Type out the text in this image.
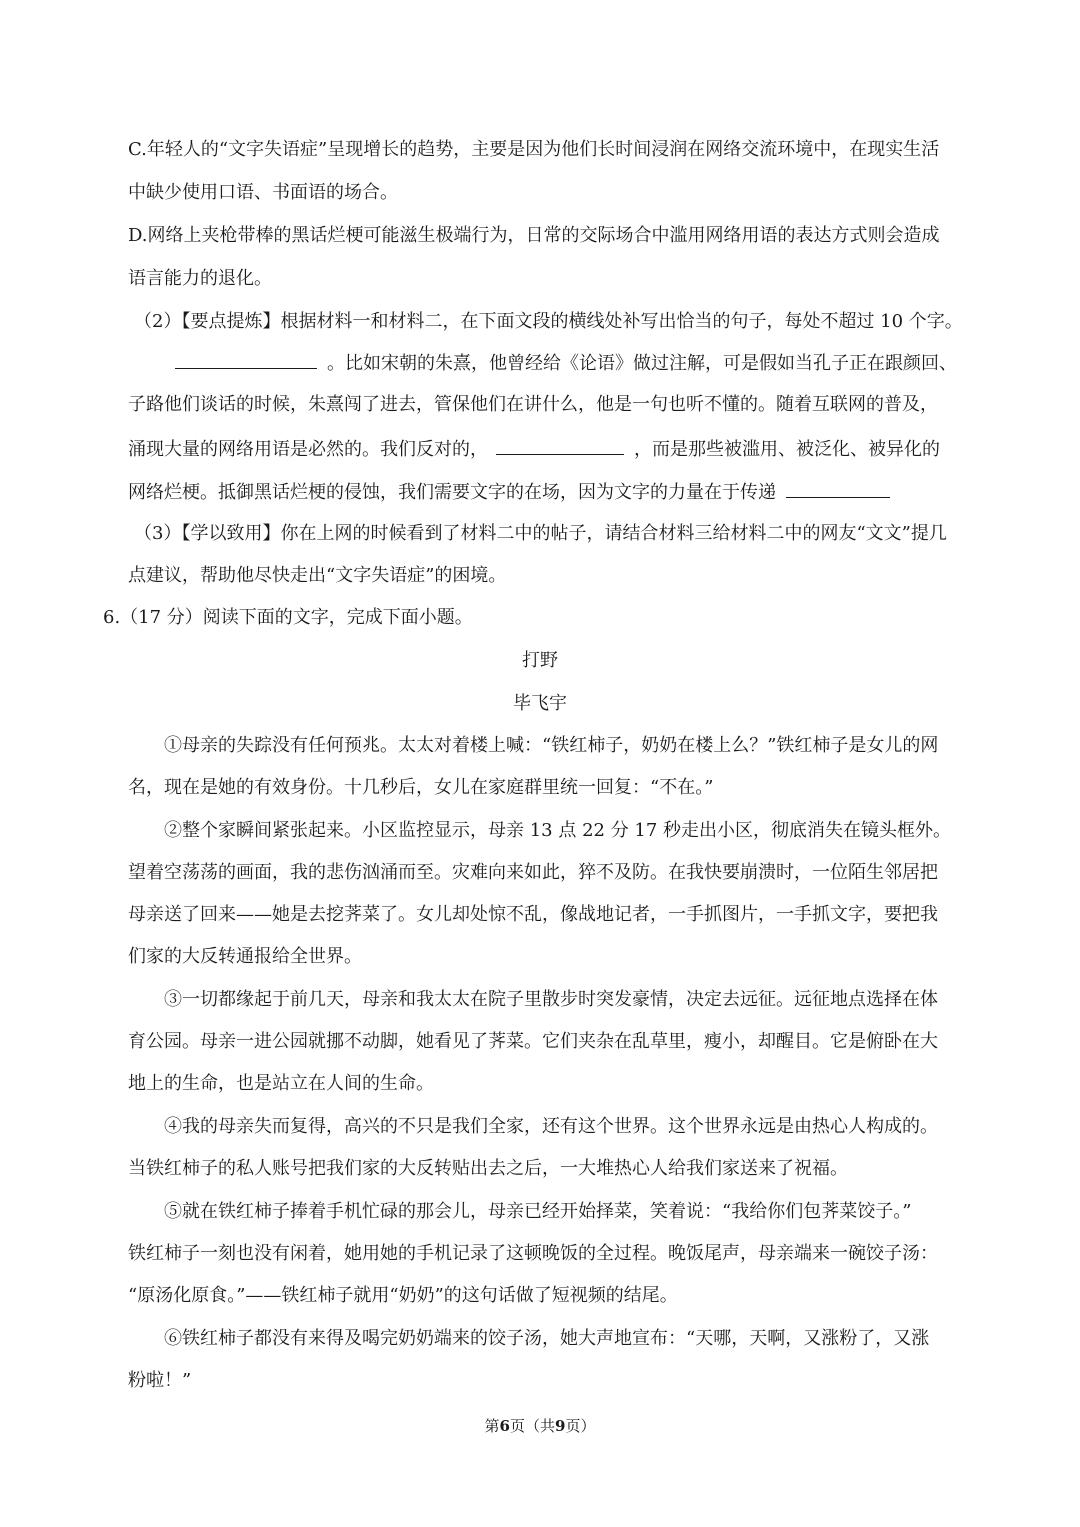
C.年轻人的“文字失语症”呈现增长的趋势，主要是因为他们长时间浸润在网络交流环境中，在现实生活
中缺少使用口语、书面语的场合。
D.网络上夹枪带棒的黑话烂梗可能滋生极端行为，日常的交际场合中滥用网络用语的表达方式则会造成
语言能力的退化。
（2）【要点提炼】根据材料一和材料二，在下面文段的横线处补写出恰当的句子，每处不超过 10 个字。
。比如宋朝的朱熹，他曾经给《论语》做过注解，可是假如当孔子正在跟颜回、
子路他们谈话的时候，朱熹闯了进去，管保他们在讲什么，他是一句也听不懂的。随着互联网的普及，
涌现大量的网络用语是必然的。我们反对的，	，而是那些被滥用、被泛化、被异化的
网络烂梗。抵御黑话烂梗的侵蚀，我们需要文字的在场，因为文字的力量在于传递
（3）【学以致用】你在上网的时候看到了材料二中的帖子，请结合材料三给材料二中的网友“文文”提几
点建议，帮助他尽快走出“文字失语症”的困境。
6.（17 分）阅读下面的文字，完成下面小题。
打野
毕飞宇
①母亲的失踪没有任何预兆。太太对着楼上喊：“铁红柿子，奶奶在楼上么？”铁红柿子是女儿的网
名，现在是她的有效身份。十几秒后，女儿在家庭群里统一回复：“不在。”
②整个家瞬间紧张起来。小区监控显示，母亲 13 点 22 分 17 秒走出小区，彻底消失在镜头框外。
望着空荡荡的画面，我的悲伤汹涌而至。灾难向来如此，猝不及防。在我快要崩溃时，一位陌生邻居把
母亲送了回来——她是去挖荠菜了。女儿却处惊不乱，像战地记者，一手抓图片，一手抓文字，要把我
们家的大反转通报给全世界。
③一切都缘起于前几天，母亲和我太太在院子里散步时突发豪情，决定去远征。远征地点选择在体
育公园。母亲一进公园就挪不动脚，她看见了荠菜。它们夹杂在乱草里，瘦小，却醒目。它是俯卧在大
地上的生命，也是站立在人间的生命。
④我的母亲失而复得，高兴的不只是我们全家，还有这个世界。这个世界永远是由热心人构成的。
当铁红柿子的私人账号把我们家的大反转贴出去之后，一大堆热心人给我们家送来了祝福。
⑤就在铁红柿子捧着手机忙碌的那会儿，母亲已经开始择菜，笑着说：“我给你们包荠菜饺子。”
铁红柿子一刻也没有闲着，她用她的手机记录了这顿晚饭的全过程。晚饭尾声，母亲端来一碗饺子汤：
“原汤化原食。”——铁红柿子就用“奶奶”的这句话做了短视频的结尾。
⑥铁红柿子都没有来得及喝完奶奶端来的饺子汤，她大声地宣布：“天哪，天啊，又涨粉了，又涨
粉啦！”
第6页（共9页）
